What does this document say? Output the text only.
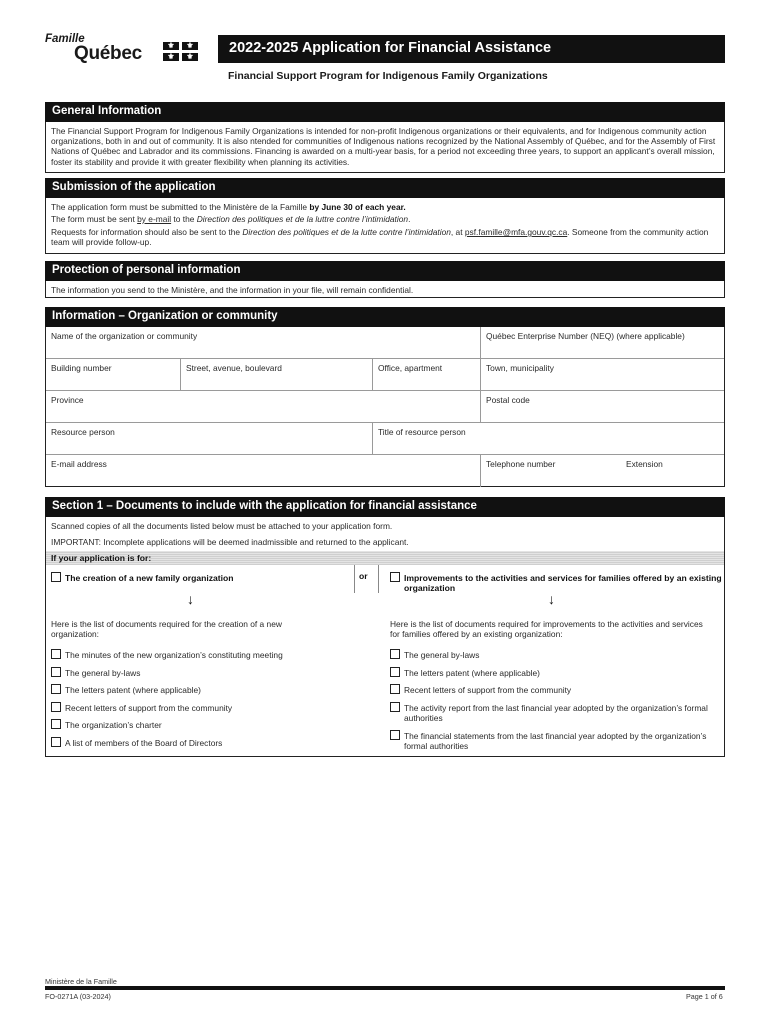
Famille
Québec	⚜	⚜
⚜	⚜
2022-2025 Application for Financial Assistance
Financial Support Program for Indigenous Family Organizations
General Information
The Financial Support Program for Indigenous Family Organizations is intended for non-profit Indigenous organizations or their equivalents, and for Indigenous community action organizations, both in and out of community. It is also ntended for communities of Indigenous nations recognized by the National Assembly of Québec, and for the Assembly of First Nations of Québec and Labrador and its commissions. Financing is awarded on a multi-year basis, for a period not exceeding three years, to support an applicant’s overall mission, foster its stability and provide it with greater flexibility when planning its activities.
Submission of the application
The application form must be submitted to the Ministère de la Famille by June 30 of each year.
The form must be sent by e-mail to the Direction des politiques et de la luttre contre l’intimidation.
Requests for information should also be sent to the Direction des politiques et de la lutte contre l’intimidation, at psf.famille@mfa.gouv.qc.ca. Someone from the community action team will provide follow-up.
Protection of personal information
The information you send to the Ministère, and the information in your file, will remain confidential.
Information – Organization or community
Name of the organization or community	Québec Enterprise Number (NEQ) (where applicable)
Building number	Street, avenue, boulevard	Office, apartment	Town, municipality
Province	Postal code
Resource person	Title of resource person
E-mail address	Telephone number	Extension
Section 1 – Documents to include with the application for financial assistance
Scanned copies of all the documents listed below must be attached to your application form.
IMPORTANT: Incomplete applications will be deemed inadmissible and returned to the applicant.
If your application is for:
or
The creation of a new family organization
↓
Here is the list of documents required for the creation of a new organization:
Improvements to the activities and services for families offered by an existing organization
↓
Here is the list of documents required for improvements to the activities and services for families offered by an existing organization:
The minutes of the new organization’s constituting meeting
The general by-laws
The letters patent (where applicable)
Recent letters of support from the community
The organization’s charter
A list of members of the Board of Directors
The general by-laws
The letters patent (where applicable)
Recent letters of support from the community
The activity report from the last financial year adopted by the organization’s formal authorities
The financial statements from the last financial year adopted by the organization’s formal authorities
Ministère de la Famille
FO-0271A (03-2024)	Page 1 of 6
